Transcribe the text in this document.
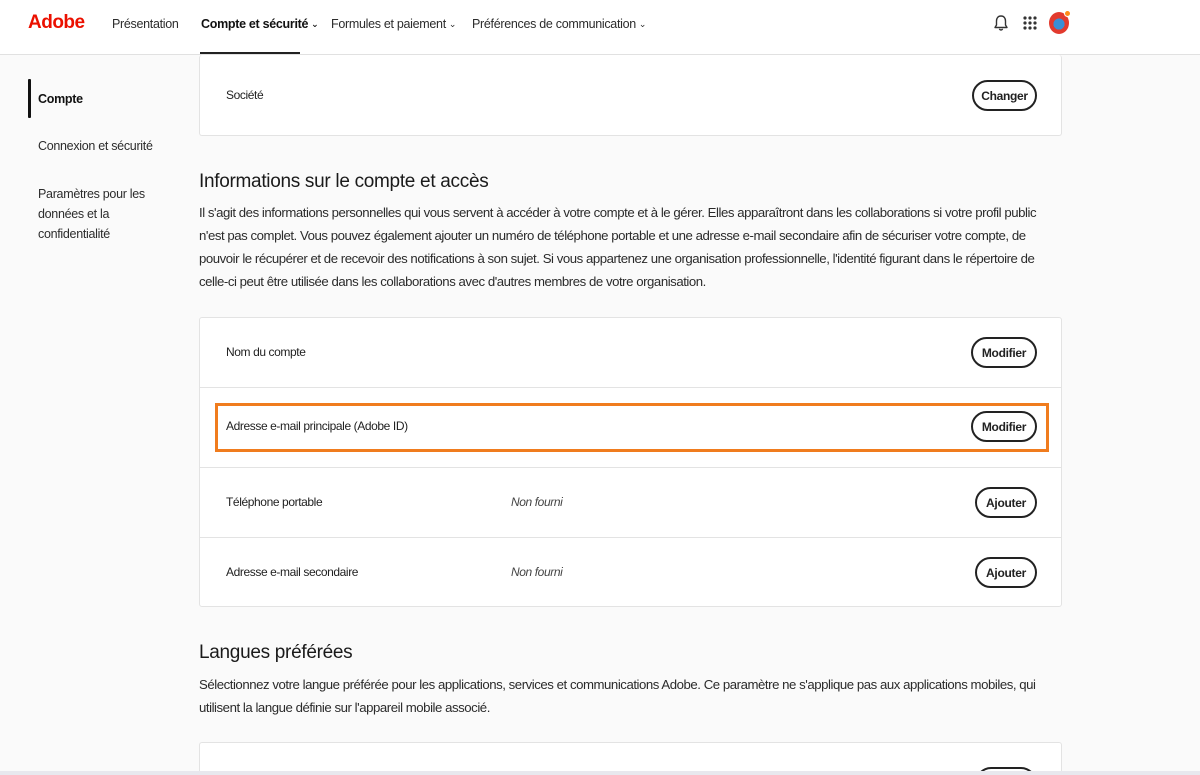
Adobe Présentation Compte et sécurité ⌄ Formules et paiement ⌄ Préférences de communication ⌄
Compte
Connexion et sécurité
Paramètres pour les données et la confidentialité
Société	Changer
Informations sur le compte et accès
Il s'agit des informations personnelles qui vous servent à accéder à votre compte et à le gérer. Elles apparaîtront dans les collaborations si votre profil public n'est pas complet. Vous pouvez également ajouter un numéro de téléphone portable et une adresse e-mail secondaire afin de sécuriser votre compte, de pouvoir le récupérer et de recevoir des notifications à son sujet. Si vous appartenez une organisation professionnelle, l'identité figurant dans le répertoire de celle-ci peut être utilisée dans les collaborations avec d'autres membres de votre organisation.
Nom du compte	Modifier
Adresse e-mail principale (Adobe ID)	Modifier
Téléphone portable	Non fourni	Ajouter
Adresse e-mail secondaire	Non fourni	Ajouter
Langues préférées
Sélectionnez votre langue préférée pour les applications, services et communications Adobe. Ce paramètre ne s'applique pas aux applications mobiles, qui utilisent la langue définie sur l'appareil mobile associé.
